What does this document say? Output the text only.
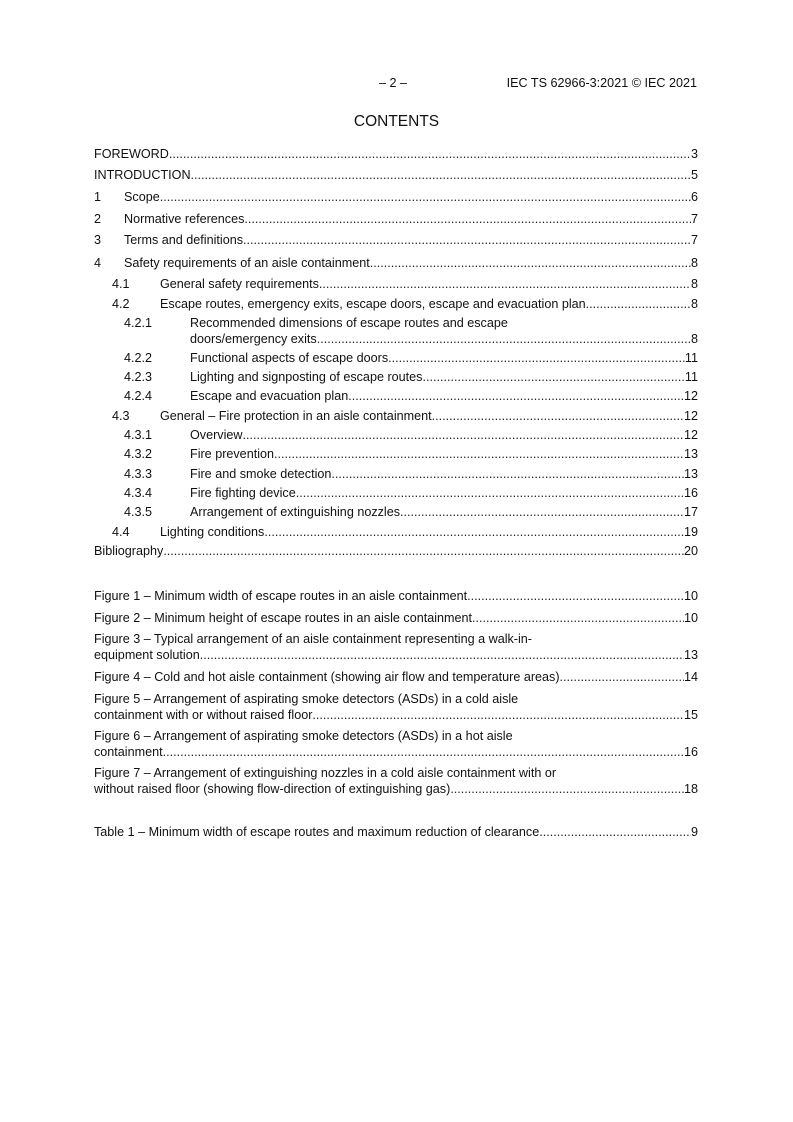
– 2 –	IEC TS 62966-3:2021 © IEC 2021
CONTENTS
FOREWORD .....	3
INTRODUCTION .....	5
1 Scope .....	6
2 Normative references .....	7
3 Terms and definitions .....	7
4 Safety requirements of an aisle containment .....	8
4.1 General safety requirements .....	8
4.2 Escape routes, emergency exits, escape doors, escape and evacuation plan .....	8
4.2.1	Recommended dimensions of escape routes and escape
doors/emergency exits .....	8
4.2.2	Functional aspects of escape doors .....	11
4.2.3	Lighting and signposting of escape routes .....	11
4.2.4	Escape and evacuation plan .....	12
4.3 General – Fire protection in an aisle containment .....	12
4.3.1	Overview .....	12
4.3.2	Fire prevention .....	13
4.3.3	Fire and smoke detection .....	13
4.3.4	Fire fighting device .....	16
4.3.5	Arrangement of extinguishing nozzles .....	17
4.4 Lighting conditions .....	19
Bibliography .....	20
Figure 1 – Minimum width of escape routes in an aisle containment .....	10
Figure 2 – Minimum height of escape routes in an aisle containment .....	10
Figure 3 – Typical arrangement of an aisle containment representing a walk-in-
equipment solution .....	13
Figure 4 – Cold and hot aisle containment (showing air flow and temperature areas) .....	14
Figure 5 – Arrangement of aspirating smoke detectors (ASDs) in a cold aisle
containment with or without raised floor .....	15
Figure 6 – Arrangement of aspirating smoke detectors (ASDs) in a hot aisle
containment .....	16
Figure 7 – Arrangement of extinguishing nozzles in a cold aisle containment with or
without raised floor (showing flow-direction of extinguishing gas) .....	18
Table 1 – Minimum width of escape routes and maximum reduction of clearance .....	9
